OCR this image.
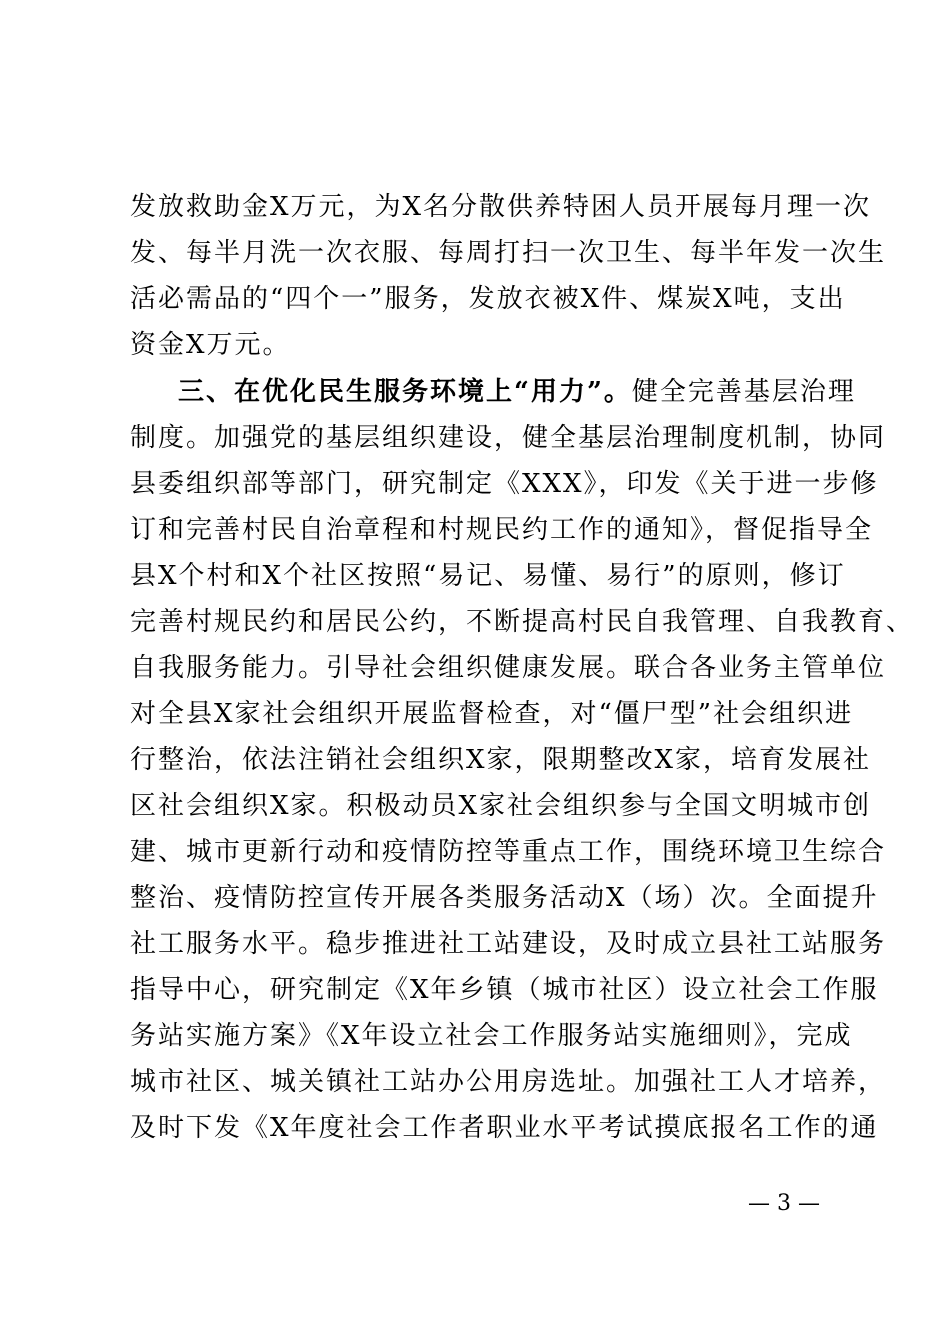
发放救助金X万元，为X名分散供养特困人员开展每月理一次
发、每半月洗一次衣服、每周打扫一次卫生、每半年发一次生
活必需品的“四个一”服务，发放衣被X件、煤炭X吨，支出
资金X万元。
三、在优化民生服务环境上“用力”。健全完善基层治理
制度。加强党的基层组织建设，健全基层治理制度机制，协同
县委组织部等部门，研究制定《XXX》，印发《关于进一步修
订和完善村民自治章程和村规民约工作的通知》，督促指导全
县X个村和X个社区按照“易记、易懂、易行”的原则，修订
完善村规民约和居民公约，不断提高村民自我管理、自我教育、
自我服务能力。引导社会组织健康发展。联合各业务主管单位
对全县X家社会组织开展监督检查，对“僵尸型”社会组织进
行整治，依法注销社会组织X家，限期整改X家，培育发展社
区社会组织X家。积极动员X家社会组织参与全国文明城市创
建、城市更新行动和疫情防控等重点工作，围绕环境卫生综合
整治、疫情防控宣传开展各类服务活动X（场）次。全面提升
社工服务水平。稳步推进社工站建设，及时成立县社工站服务
指导中心，研究制定《X年乡镇（城市社区）设立社会工作服
务站实施方案》《X年设立社会工作服务站实施细则》，完成
城市社区、城关镇社工站办公用房选址。加强社工人才培养，
及时下发《X年度社会工作者职业水平考试摸底报名工作的通
— 3 —
